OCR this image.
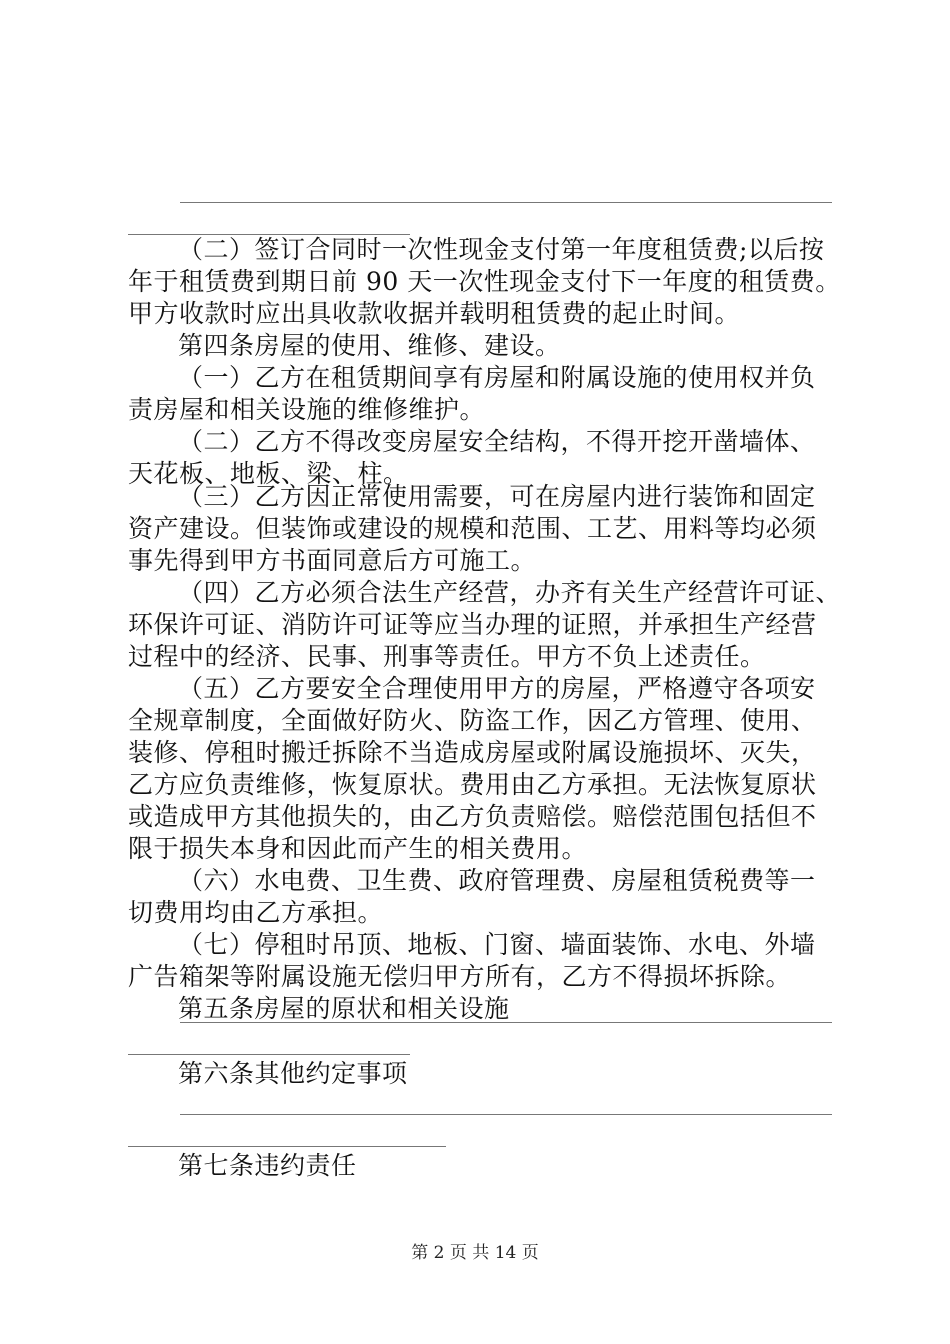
（二）签订合同时一次性现金支付第一年度租赁费;以后按
年于租赁费到期日前 90 天一次性现金支付下一年度的租赁费。
甲方收款时应出具收款收据并载明租赁费的起止时间。
第四条房屋的使用、维修、建设。
（一）乙方在租赁期间享有房屋和附属设施的使用权并负
责房屋和相关设施的维修维护。
（二）乙方不得改变房屋安全结构，不得开挖开凿墙体、
天花板、地板、梁、柱。
（三）乙方因正常使用需要，可在房屋内进行装饰和固定
资产建设。但装饰或建设的规模和范围、工艺、用料等均必须
事先得到甲方书面同意后方可施工。
（四）乙方必须合法生产经营，办齐有关生产经营许可证、
环保许可证、消防许可证等应当办理的证照，并承担生产经营
过程中的经济、民事、刑事等责任。甲方不负上述责任。
（五）乙方要安全合理使用甲方的房屋，严格遵守各项安
全规章制度，全面做好防火、防盗工作，因乙方管理、使用、
装修、停租时搬迁拆除不当造成房屋或附属设施损坏、灭失，
乙方应负责维修，恢复原状。费用由乙方承担。无法恢复原状
或造成甲方其他损失的，由乙方负责赔偿。赔偿范围包括但不
限于损失本身和因此而产生的相关费用。
（六）水电费、卫生费、政府管理费、房屋租赁税费等一
切费用均由乙方承担。
（七）停租时吊顶、地板、门窗、墙面装饰、水电、外墙
广告箱架等附属设施无偿归甲方所有，乙方不得损坏拆除。
第五条房屋的原状和相关设施
第六条其他约定事项
第七条违约责任
第 2 页 共 14 页
